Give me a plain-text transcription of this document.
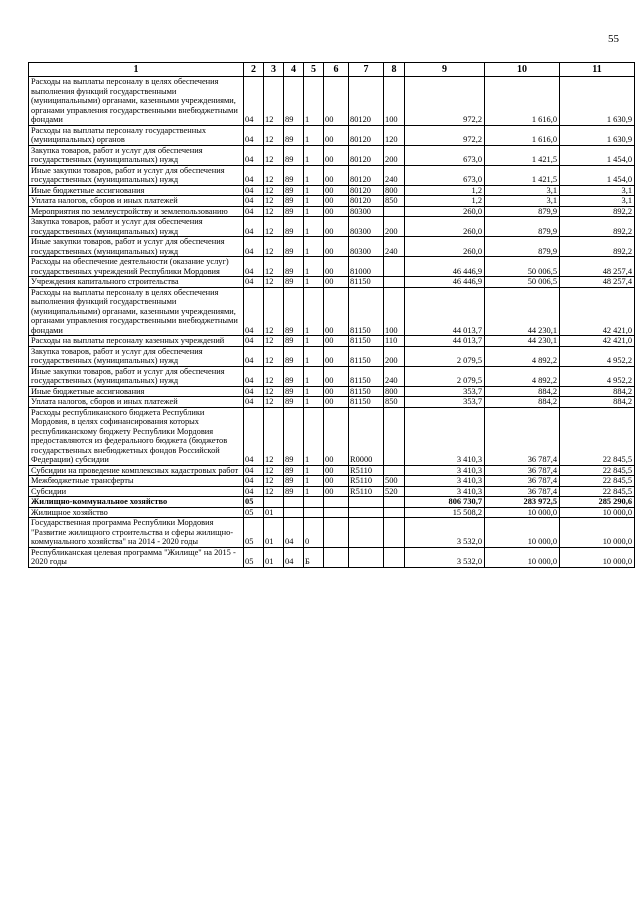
55
1	2	3	4	5	6	7	8	9	10	11
Расходы на выплаты персоналу в целях обеспечения выполнения функций государственными (муниципальными) органами, казенными учреждениями, органами управления государственными внебюджетными фондами	04	12	89	1	00	80120	100	972,2	1 616,0	1 630,9
Расходы на выплаты персоналу государственных (муниципальных) органов	04	12	89	1	00	80120	120	972,2	1 616,0	1 630,9
Закупка товаров, работ и услуг для обеспечения государственных (муниципальных) нужд	04	12	89	1	00	80120	200	673,0	1 421,5	1 454,0
Иные закупки товаров, работ и услуг для обеспечения государственных (муниципальных) нужд	04	12	89	1	00	80120	240	673,0	1 421,5	1 454,0
Иные бюджетные ассигнования	04	12	89	1	00	80120	800	1,2	3,1	3,1
Уплата налогов, сборов и иных платежей	04	12	89	1	00	80120	850	1,2	3,1	3,1
Мероприятия по землеустройству и землепользованию	04	12	89	1	00	80300		260,0	879,9	892,2
Закупка товаров, работ и услуг для обеспечения государственных (муниципальных) нужд	04	12	89	1	00	80300	200	260,0	879,9	892,2
Иные закупки товаров, работ и услуг для обеспечения государственных (муниципальных) нужд	04	12	89	1	00	80300	240	260,0	879,9	892,2
Расходы на обеспечение деятельности (оказание услуг) государственных учреждений Республики Мордовия	04	12	89	1	00	81000		46 446,9	50 006,5	48 257,4
Учреждения капитального строительства	04	12	89	1	00	81150		46 446,9	50 006,5	48 257,4
Расходы на выплаты персоналу в целях обеспечения выполнения функций государственными (муниципальными) органами, казенными учреждениями, органами управления государственными внебюджетными фондами	04	12	89	1	00	81150	100	44 013,7	44 230,1	42 421,0
Расходы на выплаты персоналу казенных учреждений	04	12	89	1	00	81150	110	44 013,7	44 230,1	42 421,0
Закупка товаров, работ и услуг для обеспечения государственных (муниципальных) нужд	04	12	89	1	00	81150	200	2 079,5	4 892,2	4 952,2
Иные закупки товаров, работ и услуг для обеспечения государственных (муниципальных) нужд	04	12	89	1	00	81150	240	2 079,5	4 892,2	4 952,2
Иные бюджетные ассигнования	04	12	89	1	00	81150	800	353,7	884,2	884,2
Уплата налогов, сборов и иных платежей	04	12	89	1	00	81150	850	353,7	884,2	884,2
Расходы республиканского бюджета Республики Мордовия, в целях софинансирования которых республиканскому бюджету Республики Мордовия предоставляются из федерального бюджета (бюджетов государственных внебюджетных фондов Российской Федерации) субсидии	04	12	89	1	00	R0000		3 410,3	36 787,4	22 845,5
Субсидии на проведение комплексных кадастровых работ	04	12	89	1	00	R5110		3 410,3	36 787,4	22 845,5
Межбюджетные трансферты	04	12	89	1	00	R5110	500	3 410,3	36 787,4	22 845,5
Субсидии	04	12	89	1	00	R5110	520	3 410,3	36 787,4	22 845,5
Жилищно-коммунальное хозяйство	05							806 730,7	283 972,5	285 290,6
Жилищное хозяйство	05	01						15 508,2	10 000,0	10 000,0
Государственная программа Республики Мордовия "Развитие жилищного строительства и сферы жилищно-коммунального хозяйства" на 2014 - 2020 годы	05	01	04	0				3 532,0	10 000,0	10 000,0
Республиканская целевая программа "Жилище" на 2015 - 2020 годы	05	01	04	Б				3 532,0	10 000,0	10 000,0
